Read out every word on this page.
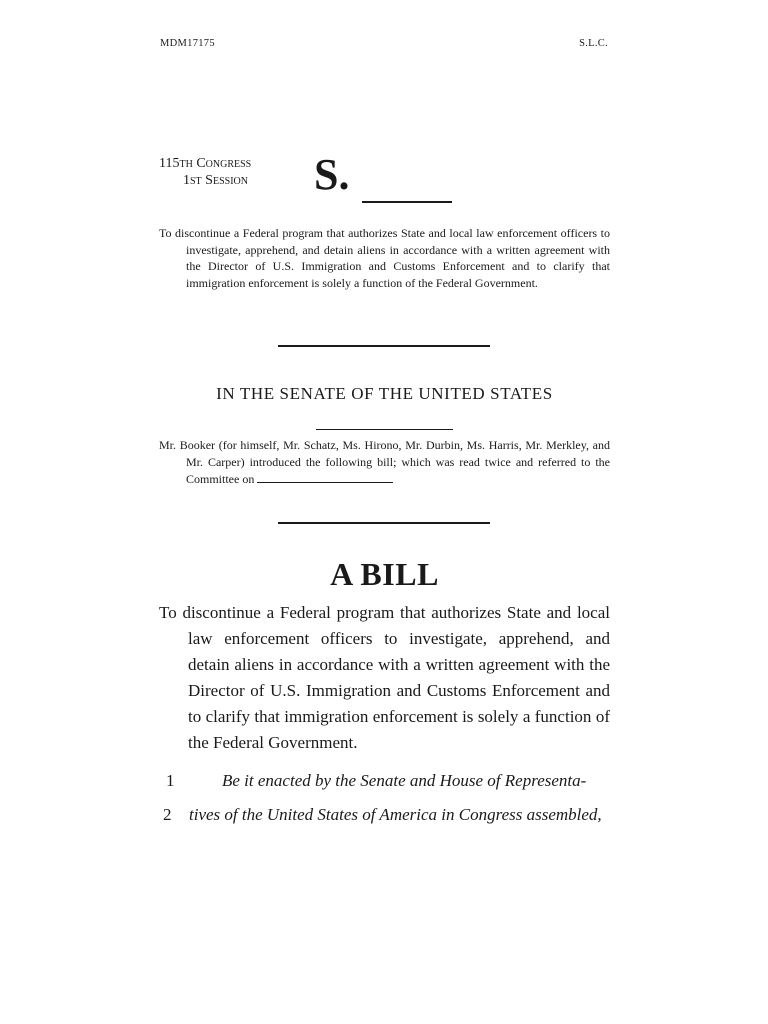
MDM17175	S.L.C.
115th Congress
1st Session S.
To discontinue a Federal program that authorizes State and local law enforcement officers to investigate, apprehend, and detain aliens in accordance with a written agreement with the Director of U.S. Immigration and Customs Enforcement and to clarify that immigration enforcement is solely a function of the Federal Government.
IN THE SENATE OF THE UNITED STATES
Mr. Booker (for himself, Mr. Schatz, Ms. Hirono, Mr. Durbin, Ms. Harris, Mr. Merkley, and Mr. Carper) introduced the following bill; which was read twice and referred to the Committee on
A BILL
To discontinue a Federal program that authorizes State and local law enforcement officers to investigate, apprehend, and detain aliens in accordance with a written agreement with the Director of U.S. Immigration and Customs Enforcement and to clarify that immigration enforcement is solely a function of the Federal Government.
1	Be it enacted by the Senate and House of Representa-
2 tives of the United States of America in Congress assembled,
